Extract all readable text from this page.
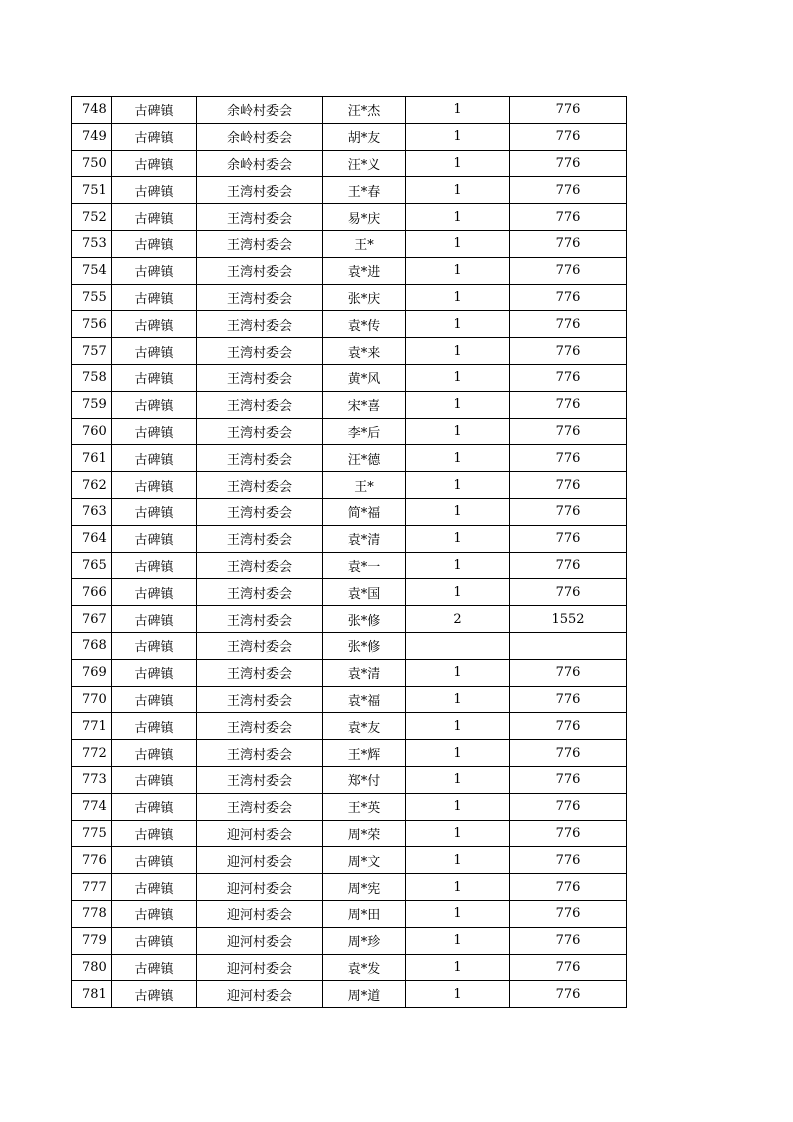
748	古碑镇	余岭村委会	汪*杰	1	776
749	古碑镇	余岭村委会	胡*友	1	776
750	古碑镇	余岭村委会	汪*义	1	776
751	古碑镇	王湾村委会	王*春	1	776
752	古碑镇	王湾村委会	易*庆	1	776
753	古碑镇	王湾村委会	王*	1	776
754	古碑镇	王湾村委会	袁*进	1	776
755	古碑镇	王湾村委会	张*庆	1	776
756	古碑镇	王湾村委会	袁*传	1	776
757	古碑镇	王湾村委会	袁*来	1	776
758	古碑镇	王湾村委会	黄*风	1	776
759	古碑镇	王湾村委会	宋*喜	1	776
760	古碑镇	王湾村委会	李*后	1	776
761	古碑镇	王湾村委会	汪*德	1	776
762	古碑镇	王湾村委会	王*	1	776
763	古碑镇	王湾村委会	简*福	1	776
764	古碑镇	王湾村委会	袁*清	1	776
765	古碑镇	王湾村委会	袁*一	1	776
766	古碑镇	王湾村委会	袁*国	1	776
767	古碑镇	王湾村委会	张*修	2	1552
768	古碑镇	王湾村委会	张*修		
769	古碑镇	王湾村委会	袁*清	1	776
770	古碑镇	王湾村委会	袁*福	1	776
771	古碑镇	王湾村委会	袁*友	1	776
772	古碑镇	王湾村委会	王*辉	1	776
773	古碑镇	王湾村委会	郑*付	1	776
774	古碑镇	王湾村委会	王*英	1	776
775	古碑镇	迎河村委会	周*荣	1	776
776	古碑镇	迎河村委会	周*文	1	776
777	古碑镇	迎河村委会	周*宪	1	776
778	古碑镇	迎河村委会	周*田	1	776
779	古碑镇	迎河村委会	周*珍	1	776
780	古碑镇	迎河村委会	袁*发	1	776
781	古碑镇	迎河村委会	周*道	1	776
